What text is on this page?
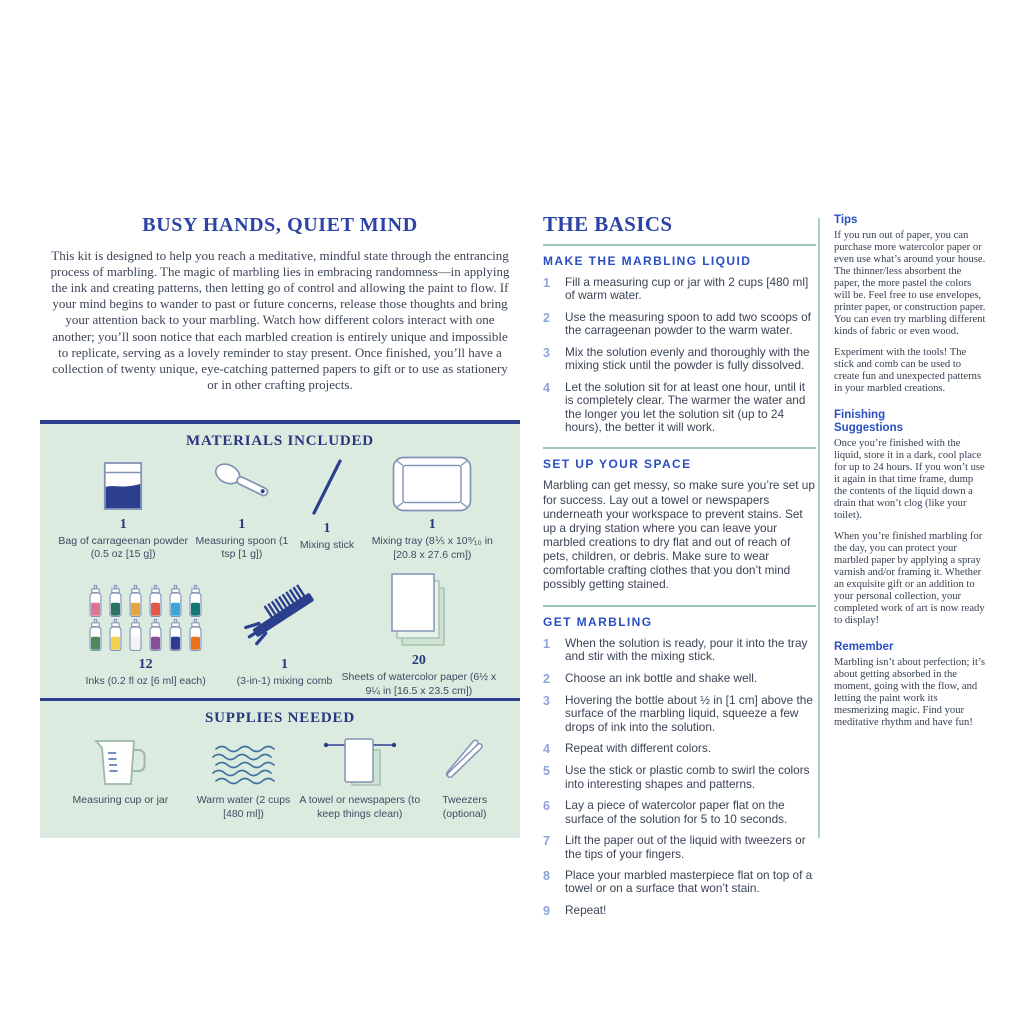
BUSY HANDS, QUIET MIND

This kit is designed to help you reach a meditative, mindful state through the entrancing process of marbling. The magic of marbling lies in embracing randomness—in applying the ink and creating patterns, then letting go of control and allowing the paint to flow. If your mind begins to wander to past or future concerns, release those thoughts and bring your attention back to your marbling. Watch how different colors interact with one another; you’ll soon notice that each marbled creation is entirely unique and impossible to replicate, serving as a lovely reminder to stay present. Once finished, you’ll have a collection of twenty unique, eye-catching patterned papers to gift or to use as stationery or in other crafting projects.

MATERIALS INCLUDED
1
Bag of carrageenan powder (0.5 oz [15 g])
1
Measuring spoon (1 tsp [1 g])
1
Mixing stick
1
Mixing tray (8⅕ x 10⁹⁄₁₀ in [20.8 x 27.6 cm])
12
Inks (0.2 fl oz [6 ml] each)
1
(3-in-1) mixing comb
20
Sheets of watercolor paper (6½ x 9¼ in [16.5 x 23.5 cm])
SUPPLIES NEEDED
Measuring cup or jar	Warm water (2 cups [480 ml])
A towel or newspapers (to keep things clean)
Tweezers (optional)
THE BASICS
MAKE THE MARBLING LIQUID
1	Fill a measuring cup or jar with 2 cups [480 ml] of warm water.
2	Use the measuring spoon to add two scoops of the carrageenan powder to the warm water.
3	Mix the solution evenly and thoroughly with the mixing stick until the powder is fully dissolved.
4	Let the solution sit for at least one hour, until it is completely clear. The warmer the water and the longer you let the solution sit (up to 24 hours), the better it will work.
SET UP YOUR SPACE

Marbling can get messy, so make sure you’re set up for success. Lay out a towel or newspapers underneath your workspace to prevent stains. Set up a drying station where you can leave your marbled creations to dry flat and out of reach of pets, children, or debris. Make sure to wear comfortable crafting clothes that you don’t mind possibly getting stained.

GET MARBLING
1	When the solution is ready, pour it into the tray and stir with the mixing stick.
2	Choose an ink bottle and shake well.
3	Hovering the bottle about ½ in [1 cm] above the surface of the marbling liquid, squeeze a few drops of ink into the solution.
4	Repeat with different colors.
5	Use the stick or plastic comb to swirl the colors into interesting shapes and patterns.
6	Lay a piece of watercolor paper flat on the surface of the solution for 5 to 10 seconds.
7	Lift the paper out of the liquid with tweezers or the tips of your fingers.
8	Place your marbled masterpiece flat on top of a towel or on a surface that won’t stain.
9	Repeat!
Tips

If you run out of paper, you can purchase more watercolor paper or even use what’s around your house. The thinner/less absorbent the paper, the more pastel the colors will be. Feel free to use envelopes, printer paper, or construction paper. You can even try marbling different kinds of fabric or even wood.

Experiment with the tools! The stick and comb can be used to create fun and unexpected patterns in your marbled creations.

Finishing Suggestions

Once you’re finished with the liquid, store it in a dark, cool place for up to 24 hours. If you won’t use it again in that time frame, dump the contents of the liquid down a drain that won’t clog (like your toilet).

When you’re finished marbling for the day, you can protect your marbled paper by applying a spray varnish and/or framing it. Whether an exquisite gift or an addition to your personal collection, your completed work of art is now ready to display!

Remember

Marbling isn’t about perfection; it’s about getting absorbed in the moment, going with the flow, and letting the paint work its mesmerizing magic. Find your meditative rhythm and have fun!
